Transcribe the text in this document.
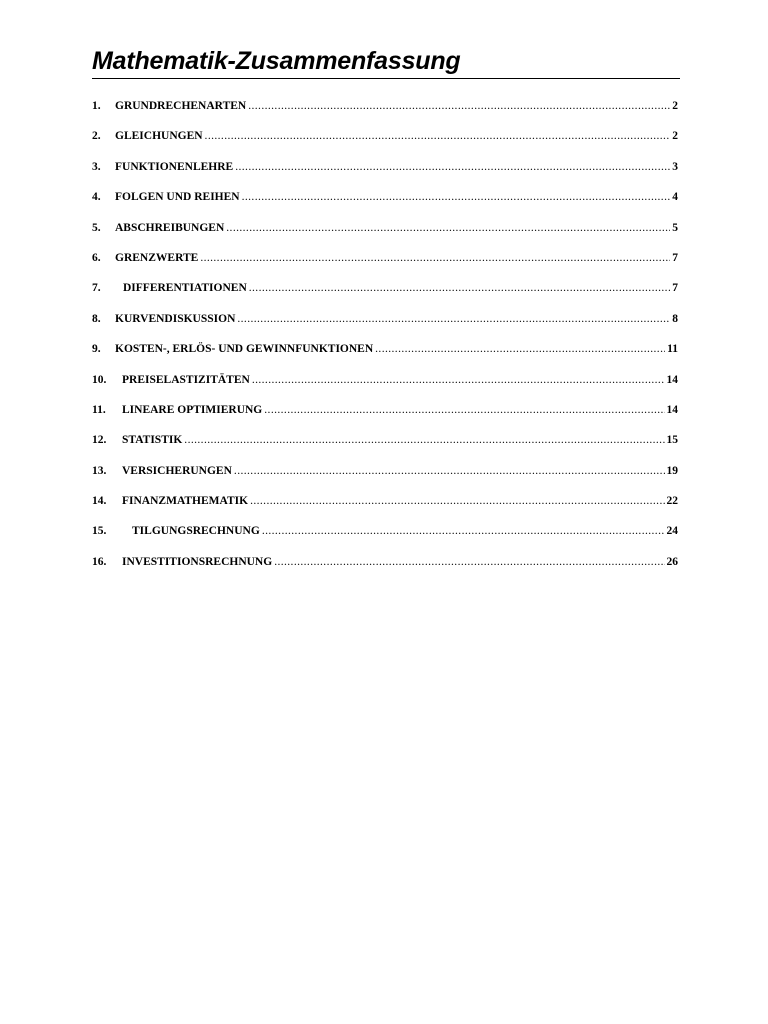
Mathematik-Zusammenfassung
1.	GRUNDRECHENARTEN .....	2
2.	GLEICHUNGEN .....	2
3.	FUNKTIONENLEHRE .....	3
4.	FOLGEN UND REIHEN .....	4
5.	ABSCHREIBUNGEN .....	5
6.	GRENZWERTE .....	7
7.	DIFFERENTIATIONEN .....	7
8.	KURVENDISKUSSION .....	8
9.	KOSTEN-, ERLÖS- UND GEWINNFUNKTIONEN .....	11
10.	PREISELASTIZITÄTEN .....	14
11.	LINEARE OPTIMIERUNG .....	14
12.	STATISTIK .....	15
13.	VERSICHERUNGEN .....	19
14.	FINANZMATHEMATIK .....	22
15.	TILGUNGSRECHNUNG .....	24
16.	INVESTITIONSRECHNUNG .....	26
